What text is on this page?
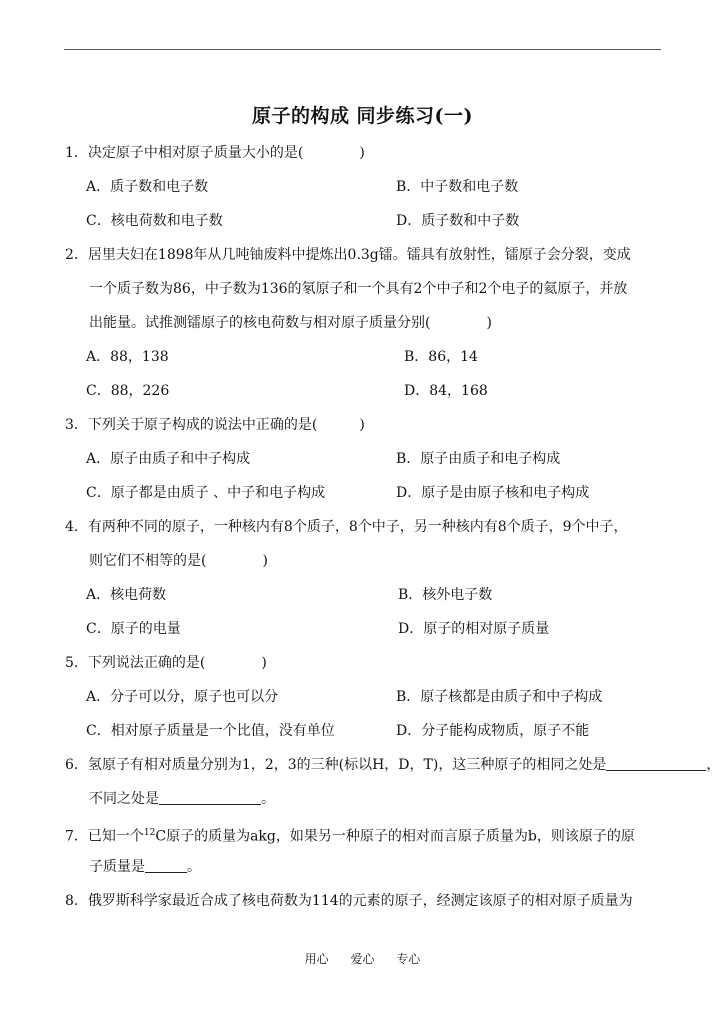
原子的构成 同步练习(一)
1．决定原子中相对原子质量大小的是(　　　　)
A．质子数和电子数	B．中子数和电子数
C．核电荷数和电子数	D．质子数和中子数
2．居里夫妇在1898年从几吨铀废料中提炼出0.3g镭。镭具有放射性，镭原子会分裂，变成
一个质子数为86，中子数为136的氡原子和一个具有2个中子和2个电子的氦原子，并放
出能量。试推测镭原子的核电荷数与相对原子质量分别(　　　　)
A．88，138	B．86，14
C．88，226	D．84，168
3．下列关于原子构成的说法中正确的是(　　　)
A．原子由质子和中子构成	B．原子由质子和电子构成
C．原子都是由质子 、中子和电子构成	D．原子是由原子核和电子构成
4．有两种不同的原子，一种核内有8个质子，8个中子，另一种核内有8个质子，9个中子，
则它们不相等的是(　　　　)
A．核电荷数	B．核外电子数
C．原子的电量	D．原子的相对原子质量
5．下列说法正确的是(　　　　)
A．分子可以分，原子也可以分	B．原子核都是由质子和中子构成
C．相对原子质量是一个比值，没有单位	D．分子能构成物质，原子不能
6．氢原子有相对质量分别为1，2，3的三种(标以H，D，T)，这三种原子的相同之处是	，
不同之处是	。
7．已知一个$^{12}$C原子的质量为akg，如果另一种原子的相对而言原子质量为b，则该原子的原
子质量是	。
8．俄罗斯科学家最近合成了核电荷数为114的元素的原子，经测定该原子的相对原子质量为
用心 爱心 专心
